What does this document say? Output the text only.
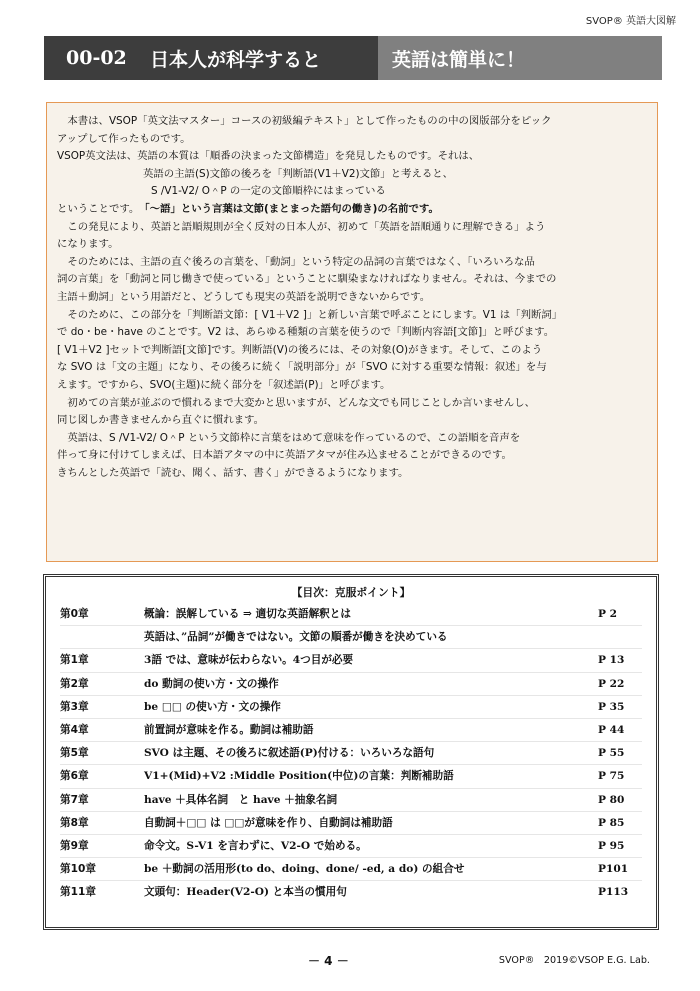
SVOP® 英語大図解
00-02	日本人が科学すると	英語は簡単に！

本書は、VSOP「英文法マスター」コースの初級編テキスト」として作ったものの中の図版部分をピック

アップして作ったものです。

VSOP英文法は、英語の本質は「順番の決まった文節構造」を発見したものです。それは、

英語の主語(S)文節の後ろを「判断語(V1＋V2)文節」と考えると、

S /V1-V2/ O＾P の一定の文節順枠にはまっている

ということです。　 「～語」という言葉は文節(まとまった語句の働き)の名前です。

この発見により、英語と語順規則が全く反対の日本人が、初めて「英語を語順通りに理解できる」よう

になります。

そのためには、主語の直ぐ後ろの言葉を、「動詞」という特定の品詞の言葉ではなく、「いろいろな品

詞の言葉」を「動詞と同じ働きで使っている」ということに馴染まなければなりません。それは、今までの

主語＋動詞」という用語だと、どうしても現実の英語を説明できないからです。

そのために、この部分を「判断語文節：[ V1＋V2 ]」と新しい言葉で呼ぶことにします。V1 は「判断詞」

で do・be・have のことです。V2 は、あらゆる種類の言葉を使うので「判断内容語[文節]」と呼びます。

[ V1＋V2 ]セットで判断語[文節]です。判断語(V)の後ろには、その対象(O)がきます。そして、このよう

な SVO は「文の主題」になり、その後ろに続く「説明部分」が「SVO に対する重要な情報：叙述」を与

えます。ですから、SVO(主題)に続く部分を「叙述語(P)」と呼びます。

初めての言葉が並ぶので慣れるまで大変かと思いますが、どんな文でも同じことしか言いませんし、

同じ図しか書きませんから直ぐに慣れます。

英語は、S /V1-V2/ O＾P という文節枠に言葉をはめて意味を作っているので、この語順を音声を

伴って身に付けてしまえば、日本語アタマの中に英語アタマが住み込ませることができるのです。

きちんとした英語で「読む、聞く、話す、書く」ができるようになります。

【目次：克服ポイント】
第0章	概論：誤解している ⇒ 適切な英語解釈とは	P 2
英語は、”品詞”が働きではない。文節の順番が働きを決めている
第1章	3語 では、意味が伝わらない。4つ目が必要	P 13
第2章	do 動詞の使い方・文の操作	P 22
第3章	be □□ の使い方・文の操作	P 35
第4章	前置詞が意味を作る。動詞は補助語	P 44
第5章	SVO は主題、その後ろに叙述語(P)付ける：いろいろな語句	P 55
第6章	V1+(Mid)+V2 :Middle Position(中位)の言葉：判断補助語	P 75
第7章	have ＋具体名詞　と have ＋抽象名詞	P 80
第8章	自動詞＋□□ は □□が意味を作り、自動詞は補助語	P 85
第9章	命令文。S-V1 を言わずに、V2-O で始める。	P 95
第10章	be ＋動詞の活用形(to do、doing、done/ -ed, a do) の組合せ	P101
第11章	文頭句：Header(V2-O) と本当の慣用句	P113
－ 4 －	SVOP®　2019©VSOP E.G. Lab.
